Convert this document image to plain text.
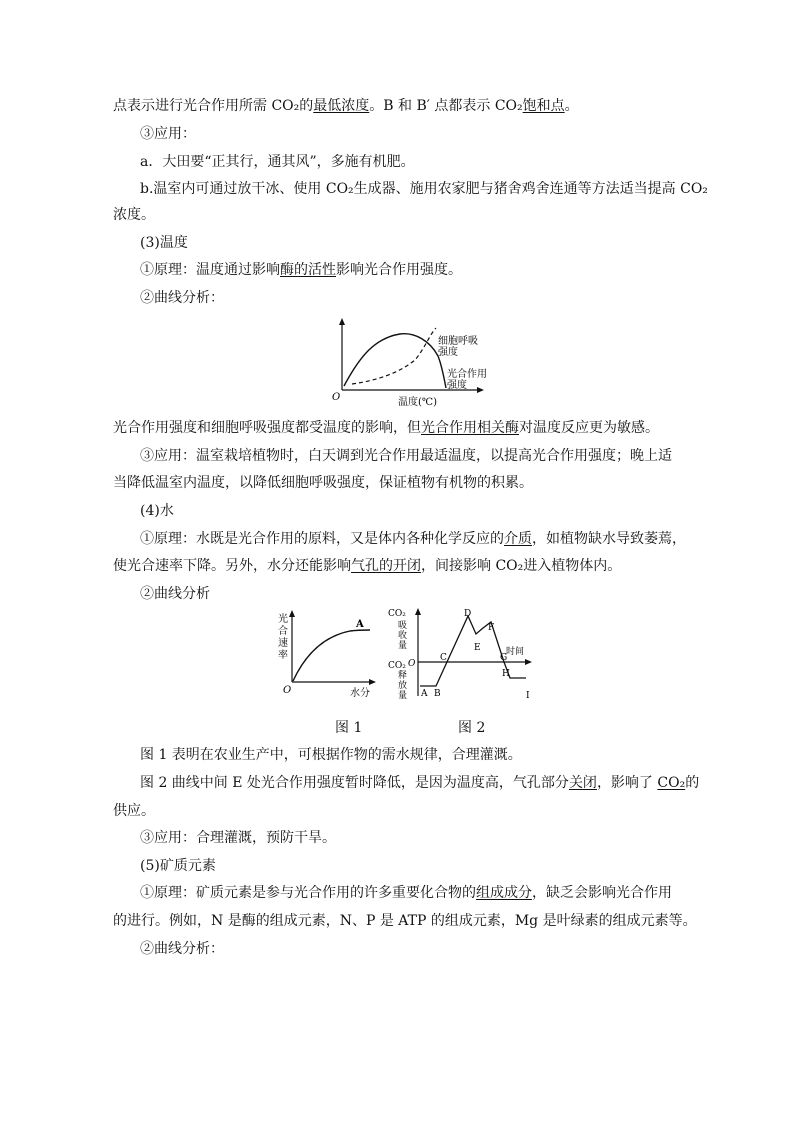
点表示进行光合作用所需 CO₂的最低浓度。B 和 B′ 点都表示 CO₂饱和点。
③应用：
a．大田要“正其行，通其风”，多施有机肥。
b.温室内可通过放干冰、使用 CO₂生成器、施用农家肥与猪舍鸡舍连通等方法适当提高 CO₂
浓度。
(3)温度
①原理：温度通过影响酶的活性影响光合作用强度。
②曲线分析：
O
细胞呼吸
强度
光合作用
强度
温度(℃)
光合作用强度和细胞呼吸强度都受温度的影响，但光合作用相关酶对温度反应更为敏感。
③应用：温室栽培植物时，白天调到光合作用最适温度，以提高光合作用强度；晚上适
当降低温室内温度，以降低细胞呼吸强度，保证植物有机物的积累。
(4)水
①原理：水既是光合作用的原料，又是体内各种化学反应的介质，如植物缺水导致萎蔫，
使光合速率下降。另外，水分还能影响气孔的开闭，间接影响 CO₂进入植物体内。
②曲线分析
光
合
速
率
A
O	水分
CO₂
吸
收
量
CO₂
释
放
量
O
A B
C
D
E
F
G
H
I
时间
图 1	图 2
图 1 表明在农业生产中，可根据作物的需水规律，合理灌溉。
图 2 曲线中间 E 处光合作用强度暂时降低，是因为温度高，气孔部分关闭，影响了 CO₂的
供应。
③应用：合理灌溉，预防干旱。
(5)矿质元素
①原理：矿质元素是参与光合作用的许多重要化合物的组成成分，缺乏会影响光合作用
的进行。例如，N 是酶的组成元素，N、P 是 ATP 的组成元素，Mg 是叶绿素的组成元素等。
②曲线分析：
